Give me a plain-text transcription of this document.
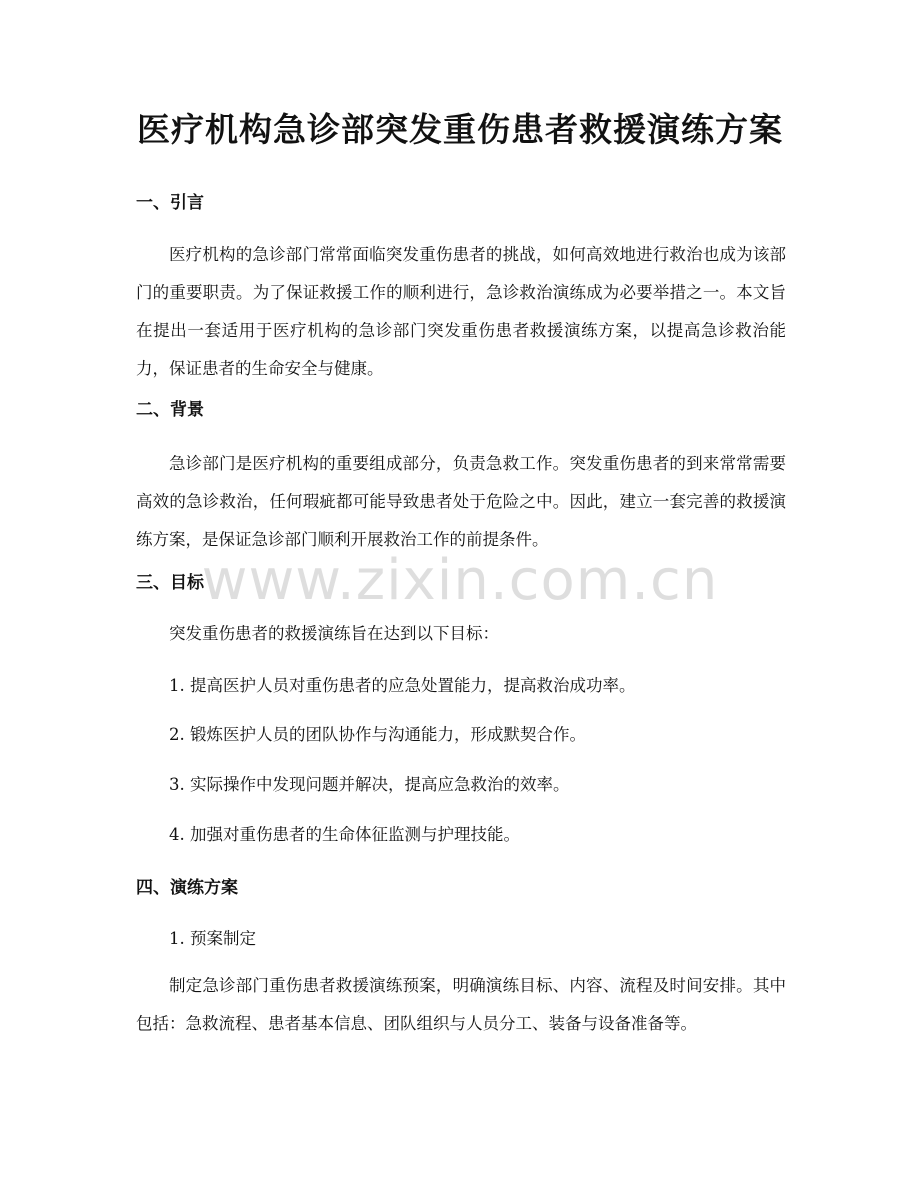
医疗机构急诊部突发重伤患者救援演练方案
一、引言

医疗机构的急诊部门常常面临突发重伤患者的挑战，如何高效地进行救治也成为该部门的重要职责。为了保证救援工作的顺利进行，急诊救治演练成为必要举措之一。本文旨在提出一套适用于医疗机构的急诊部门突发重伤患者救援演练方案，以提高急诊救治能力，保证患者的生命安全与健康。

二、背景

急诊部门是医疗机构的重要组成部分，负责急救工作。突发重伤患者的到来常常需要高效的急诊救治，任何瑕疵都可能导致患者处于危险之中。因此，建立一套完善的救援演练方案，是保证急诊部门顺利开展救治工作的前提条件。

三、目标

突发重伤患者的救援演练旨在达到以下目标：

1. 提高医护人员对重伤患者的应急处置能力，提高救治成功率。

2. 锻炼医护人员的团队协作与沟通能力，形成默契合作。

3. 实际操作中发现问题并解决，提高应急救治的效率。

4. 加强对重伤患者的生命体征监测与护理技能。

四、演练方案

1. 预案制定

制定急诊部门重伤患者救援演练预案，明确演练目标、内容、流程及时间安排。其中包括：急救流程、患者基本信息、团队组织与人员分工、装备与设备准备等。

www.zixin.com.cn
